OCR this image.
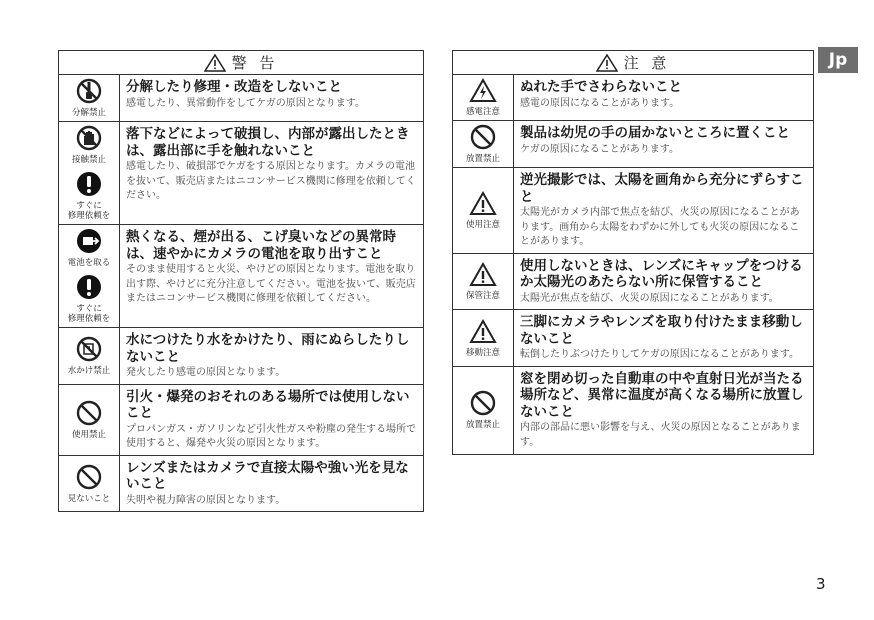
Jp
警 告
分解禁止
分解したり修理・改造をしないこと
感電したり、異常動作をしてケガの原因となります。
接触禁止
すぐに
修理依頼を
落下などによって破損し、内部が露出したときは、露出部に手を触れないこと
感電したり、破損部でケガをする原因となります。カメラの電池を抜いて、販売店またはニコンサービス機関に修理を依頼してください。
電池を取る
すぐに
修理依頼を
熱くなる、煙が出る、こげ臭いなどの異常時は、速やかにカメラの電池を取り出すこと
そのまま使用すると火災、やけどの原因となります。電池を取り出す際、やけどに充分注意してください。電池を抜いて、販売店またはニコンサービス機関に修理を依頼してください。
水かけ禁止
水につけたり水をかけたり、雨にぬらしたりしないこと
発火したり感電の原因となります。
使用禁止
引火・爆発のおそれのある場所では使用しないこと
プロパンガス・ガソリンなど引火性ガスや粉塵の発生する場所で使用すると、爆発や火災の原因となります。
見ないこと
レンズまたはカメラで直接太陽や強い光を見ないこと
失明や視力障害の原因となります。
注 意
感電注意
ぬれた手でさわらないこと
感電の原因になることがあります。
放置禁止
製品は幼児の手の届かないところに置くこと
ケガの原因になることがあります。
使用注意
逆光撮影では、太陽を画角から充分にずらすこと
太陽光がカメラ内部で焦点を結び、火災の原因になることがあります。画角から太陽をわずかに外しても火災の原因になることがあります。
保管注意
使用しないときは、レンズにキャップをつけるか太陽光のあたらない所に保管すること
太陽光が焦点を結び、火災の原因になることがあります。
移動注意
三脚にカメラやレンズを取り付けたまま移動しないこと
転倒したりぶつけたりしてケガの原因になることがあります。
放置禁止
窓を閉め切った自動車の中や直射日光が当たる場所など、異常に温度が高くなる場所に放置しないこと
内部の部品に悪い影響を与え、火災の原因となることがあります。
3
